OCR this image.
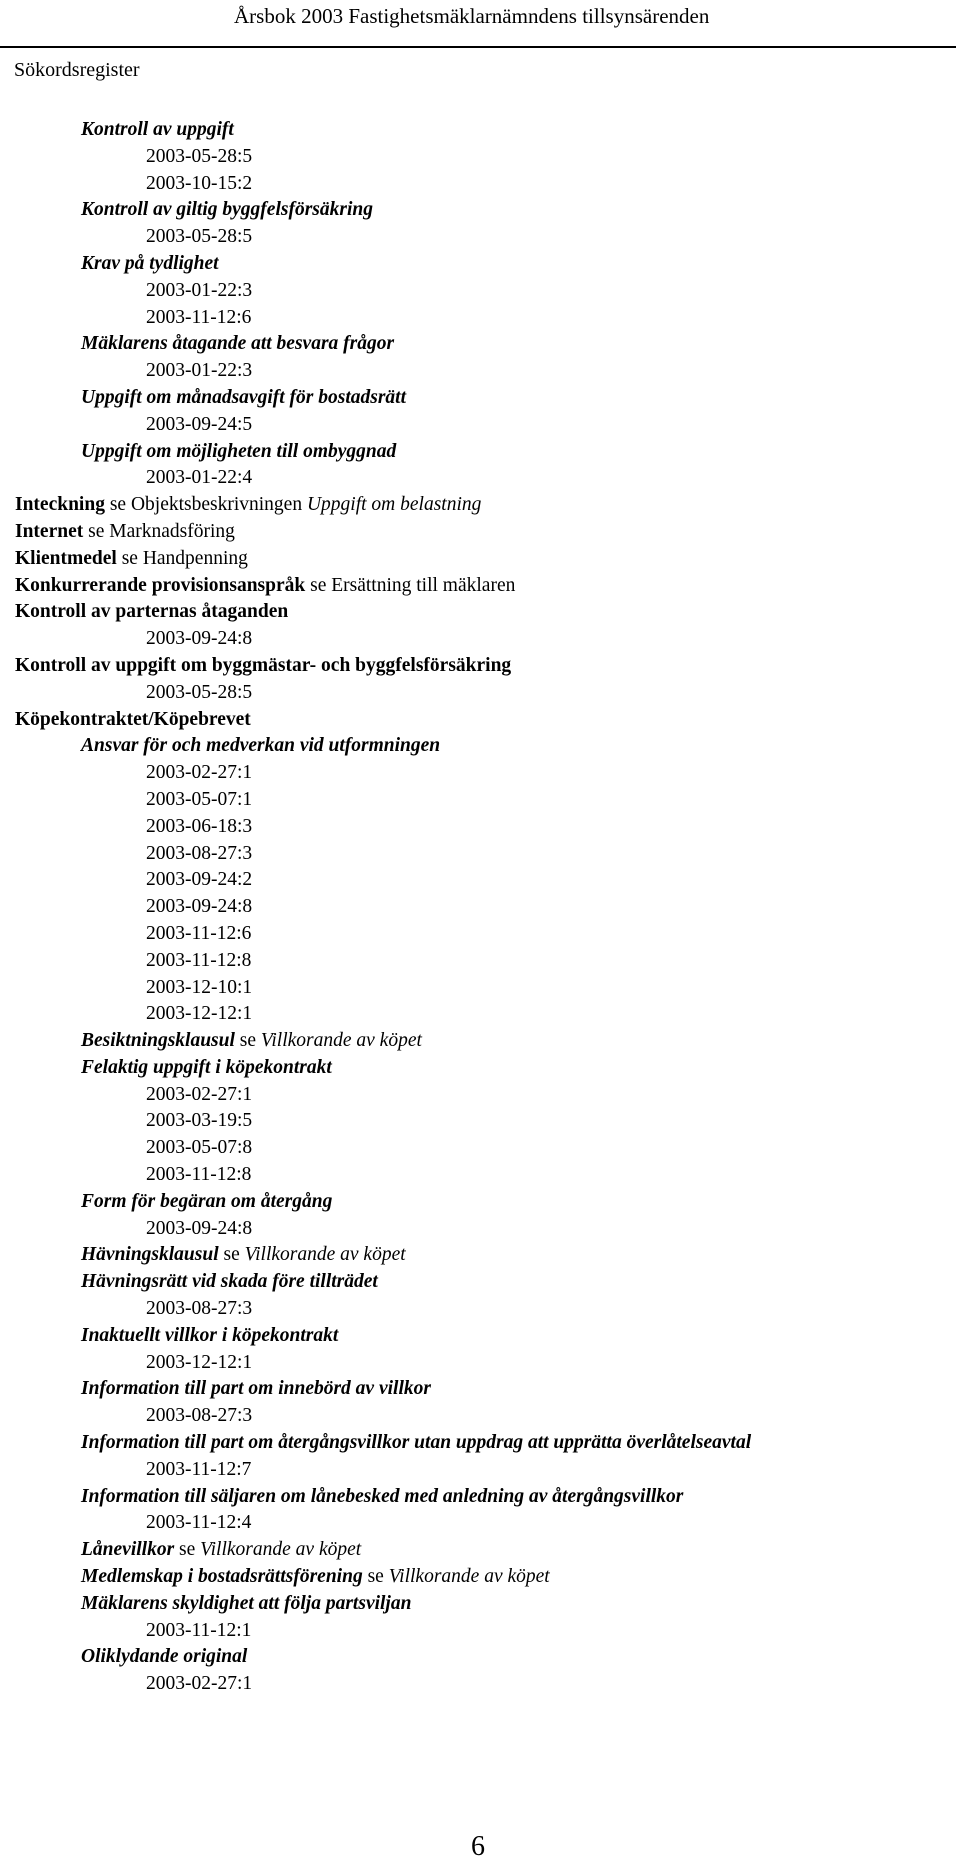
Årsbok 2003 Fastighetsmäklarnämndens tillsynsärenden
Sökordsregister
Kontroll av uppgift
2003-05-28:5
2003-10-15:2
Kontroll av giltig byggfelsförsäkring
2003-05-28:5
Krav på tydlighet
2003-01-22:3
2003-11-12:6
Mäklarens åtagande att besvara frågor
2003-01-22:3
Uppgift om månadsavgift för bostadsrätt
2003-09-24:5
Uppgift om möjligheten till ombyggnad
2003-01-22:4
Inteckning se Objektsbeskrivningen Uppgift om belastning
Internet se Marknadsföring
Klientmedel se Handpenning
Konkurrerande provisionsanspråk se Ersättning till mäklaren
Kontroll av parternas åtaganden
2003-09-24:8
Kontroll av uppgift om byggmästar- och byggfelsförsäkring
2003-05-28:5
Köpekontraktet/Köpebrevet
Ansvar för och medverkan vid utformningen
2003-02-27:1
2003-05-07:1
2003-06-18:3
2003-08-27:3
2003-09-24:2
2003-09-24:8
2003-11-12:6
2003-11-12:8
2003-12-10:1
2003-12-12:1
Besiktningsklausul se Villkorande av köpet
Felaktig uppgift i köpekontrakt
2003-02-27:1
2003-03-19:5
2003-05-07:8
2003-11-12:8
Form för begäran om återgång
2003-09-24:8
Hävningsklausul se Villkorande av köpet
Hävningsrätt vid skada före tillträdet
2003-08-27:3
Inaktuellt villkor i köpekontrakt
2003-12-12:1
Information till part om innebörd av villkor
2003-08-27:3
Information till part om återgångsvillkor utan uppdrag att upprätta överlåtelseavtal
2003-11-12:7
Information till säljaren om lånebesked med anledning av återgångsvillkor
2003-11-12:4
Lånevillkor se Villkorande av köpet
Medlemskap i bostadsrättsförening se Villkorande av köpet
Mäklarens skyldighet att följa partsviljan
2003-11-12:1
Oliklydande original
2003-02-27:1
6
